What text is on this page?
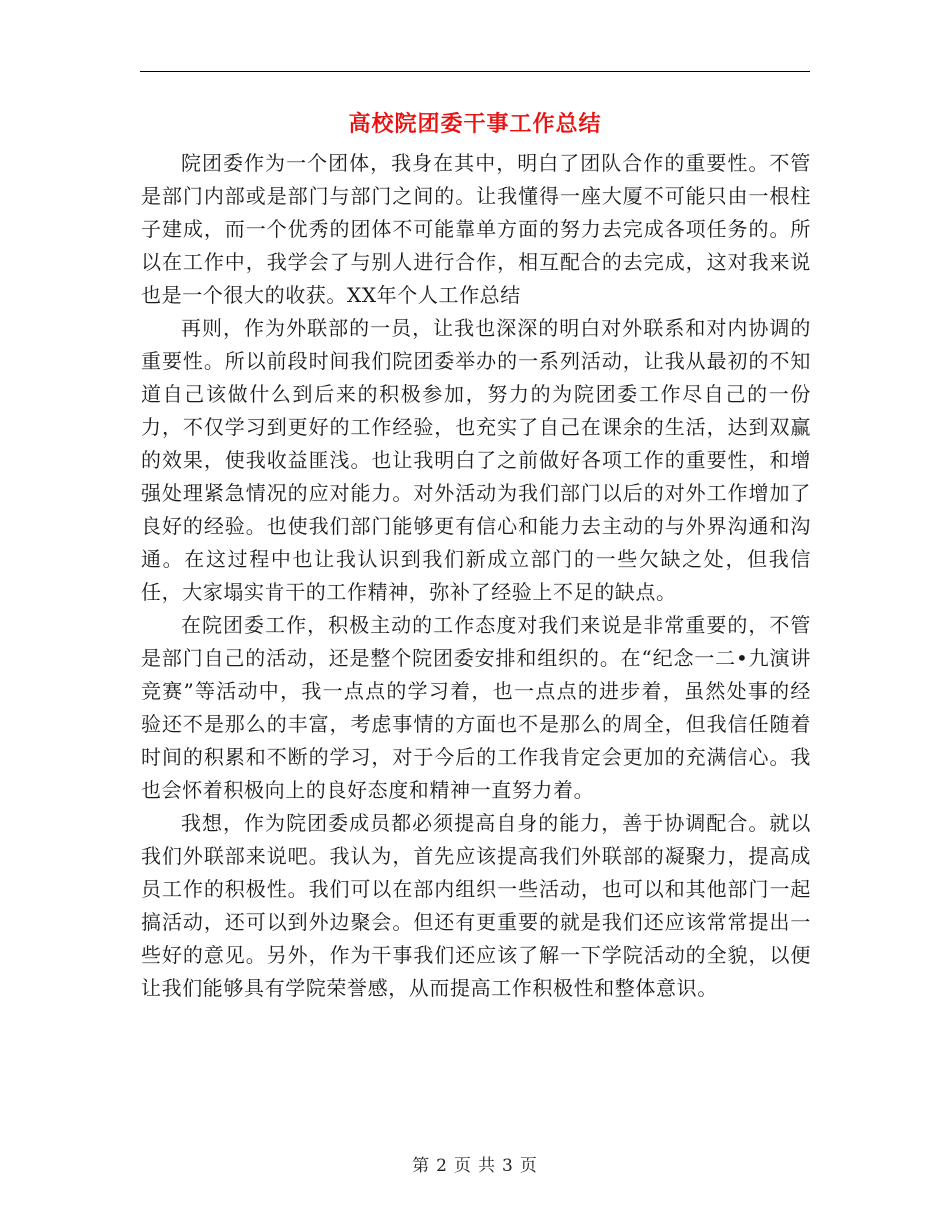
高校院团委干事工作总结

院团委作为一个团体，我身在其中，明白了团队合作的重要性。不管是部门内部或是部门与部门之间的。让我懂得一座大厦不可能只由一根柱子建成，而一个优秀的团体不可能靠单方面的努力去完成各项任务的。所以在工作中，我学会了与别人进行合作，相互配合的去完成，这对我来说也是一个很大的收获。XX年个人工作总结

再则，作为外联部的一员，让我也深深的明白对外联系和对内协调的重要性。所以前段时间我们院团委举办的一系列活动，让我从最初的不知道自己该做什么到后来的积极参加，努力的为院团委工作尽自己的一份力，不仅学习到更好的工作经验，也充实了自己在课余的生活，达到双赢的效果，使我收益匪浅。也让我明白了之前做好各项工作的重要性，和增强处理紧急情况的应对能力。对外活动为我们部门以后的对外工作增加了良好的经验。也使我们部门能够更有信心和能力去主动的与外界沟通和沟通。在这过程中也让我认识到我们新成立部门的一些欠缺之处，但我信任，大家塌实肯干的工作精神，弥补了经验上不足的缺点。

在院团委工作，积极主动的工作态度对我们来说是非常重要的，不管是部门自己的活动，还是整个院团委安排和组织的。在“纪念一二•九演讲竞赛”等活动中，我一点点的学习着，也一点点的进步着，虽然处事的经验还不是那么的丰富，考虑事情的方面也不是那么的周全，但我信任随着时间的积累和不断的学习，对于今后的工作我肯定会更加的充满信心。我也会怀着积极向上的良好态度和精神一直努力着。

我想，作为院团委成员都必须提高自身的能力，善于协调配合。就以我们外联部来说吧。我认为，首先应该提高我们外联部的凝聚力，提高成员工作的积极性。我们可以在部内组织一些活动，也可以和其他部门一起搞活动，还可以到外边聚会。但还有更重要的就是我们还应该常常提出一些好的意见。另外，作为干事我们还应该了解一下学院活动的全貌，以便让我们能够具有学院荣誉感，从而提高工作积极性和整体意识。

第 2 页 共 3 页
